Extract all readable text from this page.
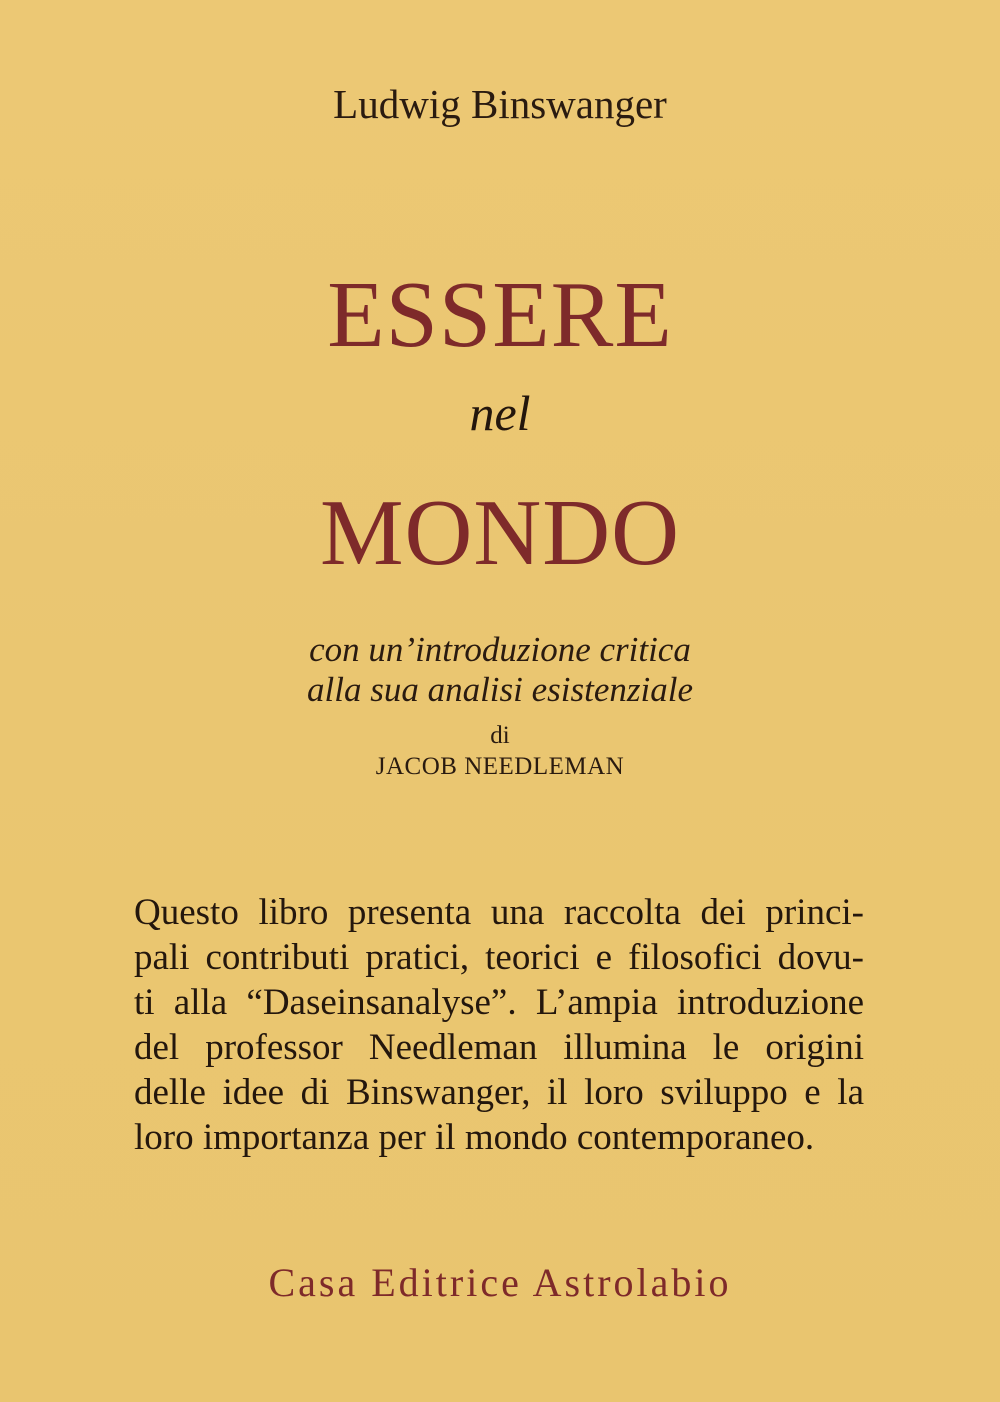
Ludwig Binswanger
ESSERE
nel
MONDO
con un’introduzione critica
alla sua analisi esistenziale
di
JACOB NEEDLEMAN
Questo libro presenta una raccolta dei princi-
pali contributi pratici, teorici e filosofici dovu-
ti alla “Daseinsanalyse”. L’ampia introduzione
del professor Needleman illumina le origini
delle idee di Binswanger, il loro sviluppo e la
loro importanza per il mondo contemporaneo.
Casa Editrice Astrolabio
